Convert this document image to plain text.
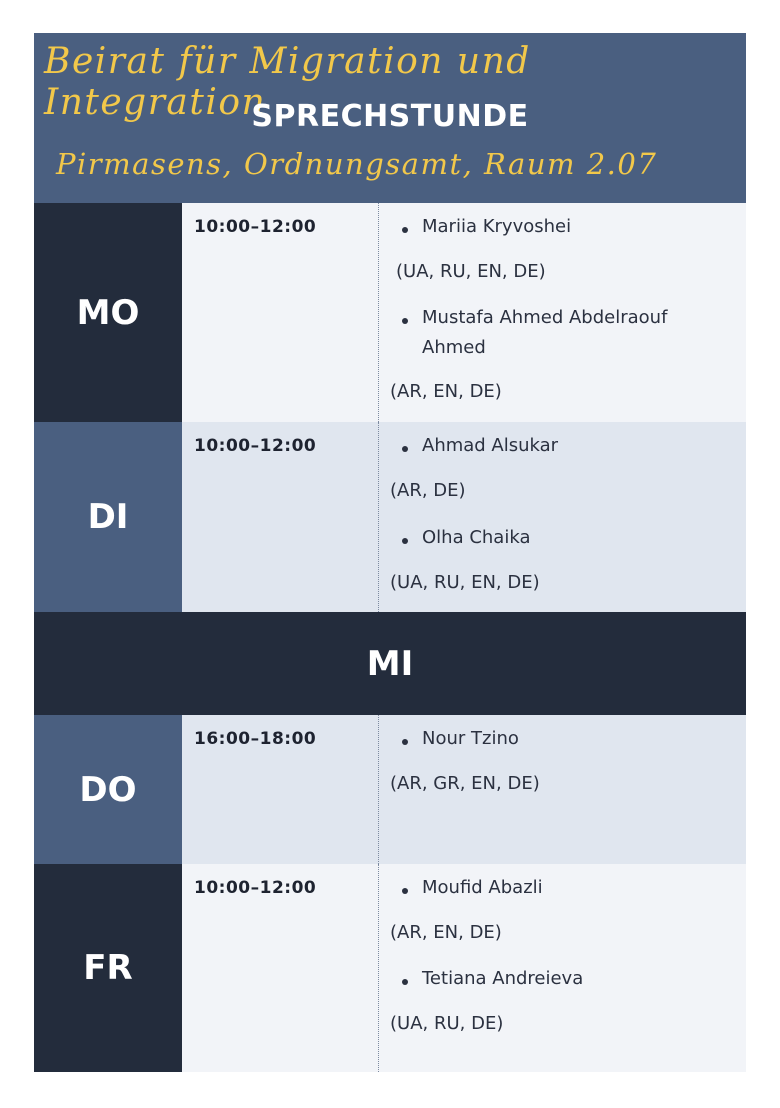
Beirat für Migration und Integration
SPRECHSTUNDE
Pirmasens, Ordnungsamt, Raum 2.07
MO
10:00–12:00	Mariia Kryvoshei
(UA, RU, EN, DE)
Mustafa Ahmed Abdelraouf
Ahmed
(AR, EN, DE)
DI
10:00–12:00	Ahmad Alsukar
(AR, DE)
Olha Chaika
(UA, RU, EN, DE)
MI
DO
16:00–18:00	Nour Tzino
(AR, GR, EN, DE)
FR
10:00–12:00	Moufid Abazli
(AR, EN, DE)
Tetiana Andreieva
(UA, RU, DE)
